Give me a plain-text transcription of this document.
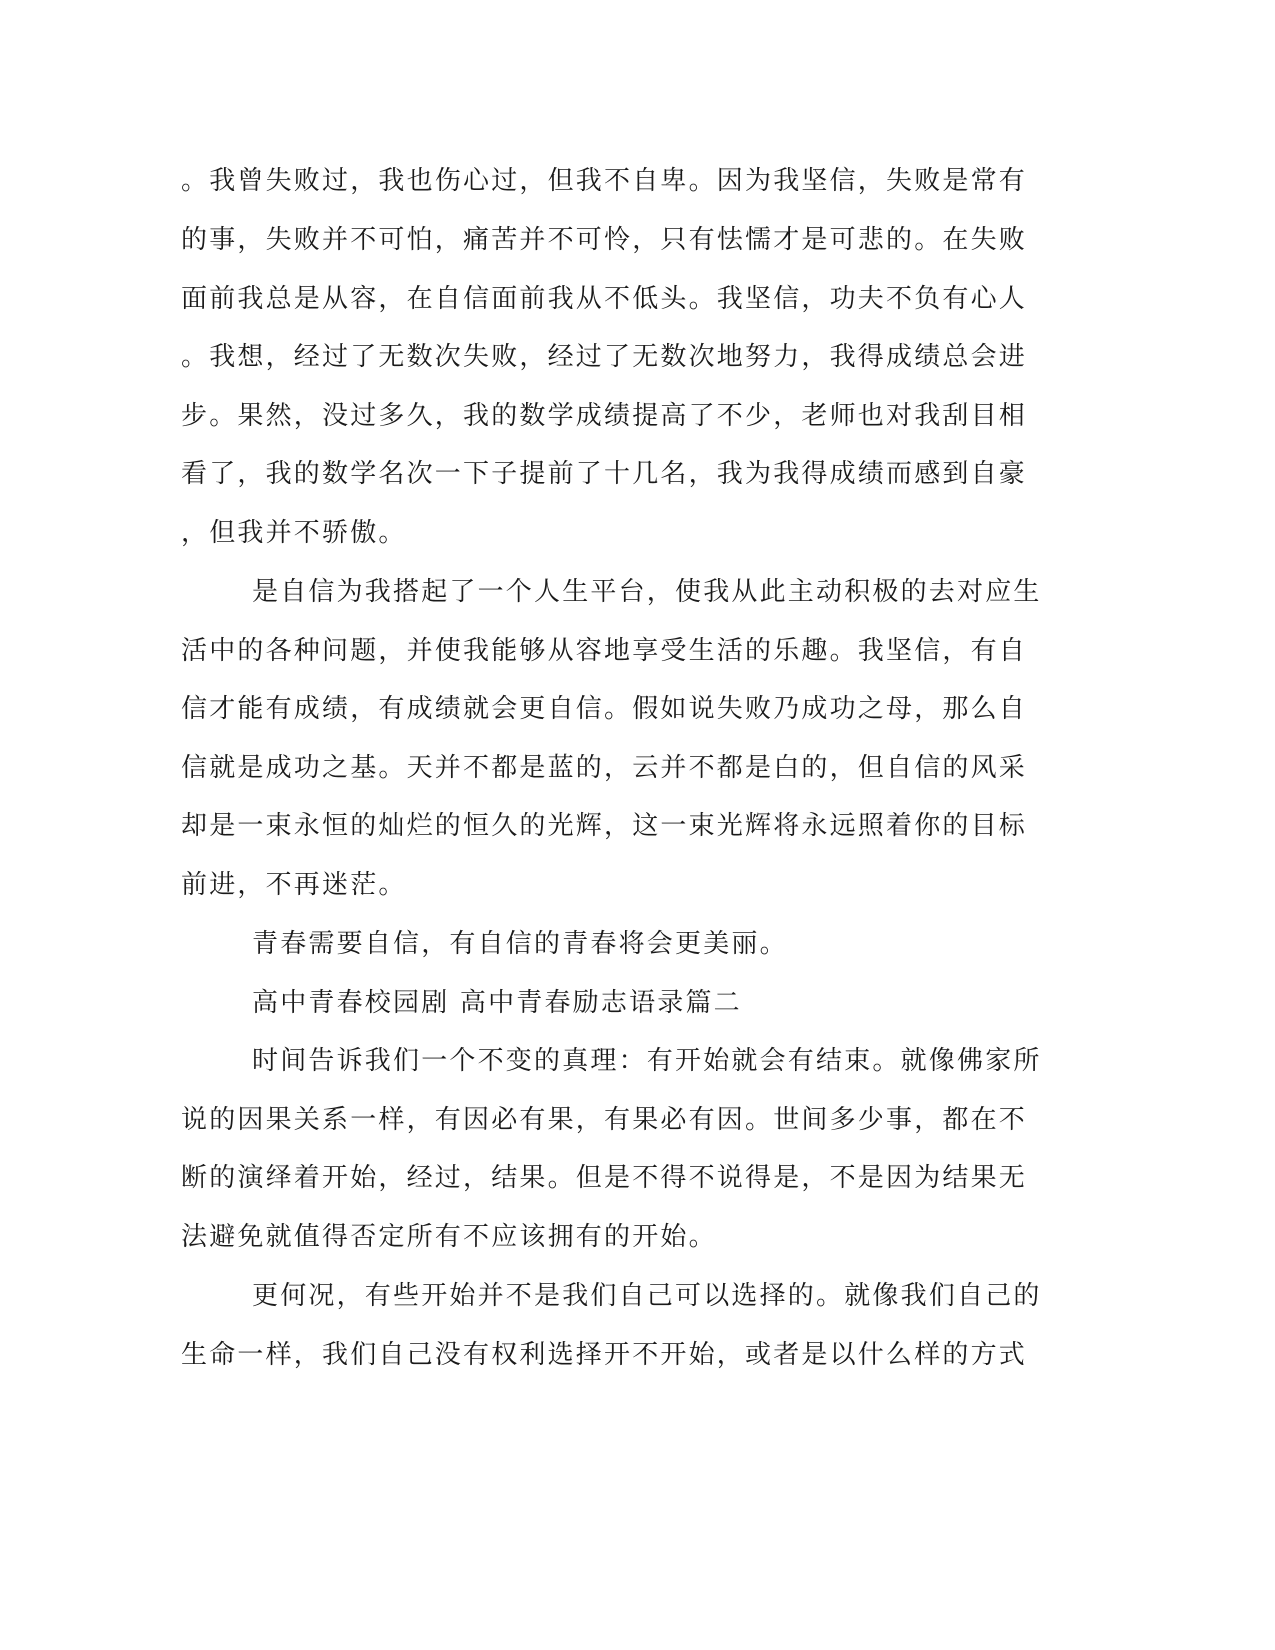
。我曾失败过，我也伤心过，但我不自卑。因为我坚信，失败是常有
的事，失败并不可怕，痛苦并不可怜，只有怯懦才是可悲的。在失败
面前我总是从容，在自信面前我从不低头。我坚信，功夫不负有心人
。我想，经过了无数次失败，经过了无数次地努力，我得成绩总会进
步。果然，没过多久，我的数学成绩提高了不少，老师也对我刮目相
看了，我的数学名次一下子提前了十几名，我为我得成绩而感到自豪
，但我并不骄傲。
是自信为我搭起了一个人生平台，使我从此主动积极的去对应生
活中的各种问题，并使我能够从容地享受生活的乐趣。我坚信，有自
信才能有成绩，有成绩就会更自信。假如说失败乃成功之母，那么自
信就是成功之基。天并不都是蓝的，云并不都是白的，但自信的风采
却是一束永恒的灿烂的恒久的光辉，这一束光辉将永远照着你的目标
前进，不再迷茫。
青春需要自信，有自信的青春将会更美丽。
高中青春校园剧 高中青春励志语录篇二
时间告诉我们一个不变的真理：有开始就会有结束。就像佛家所
说的因果关系一样，有因必有果，有果必有因。世间多少事，都在不
断的演绎着开始，经过，结果。但是不得不说得是，不是因为结果无
法避免就值得否定所有不应该拥有的开始。
更何况，有些开始并不是我们自己可以选择的。就像我们自己的
生命一样，我们自己没有权利选择开不开始，或者是以什么样的方式
